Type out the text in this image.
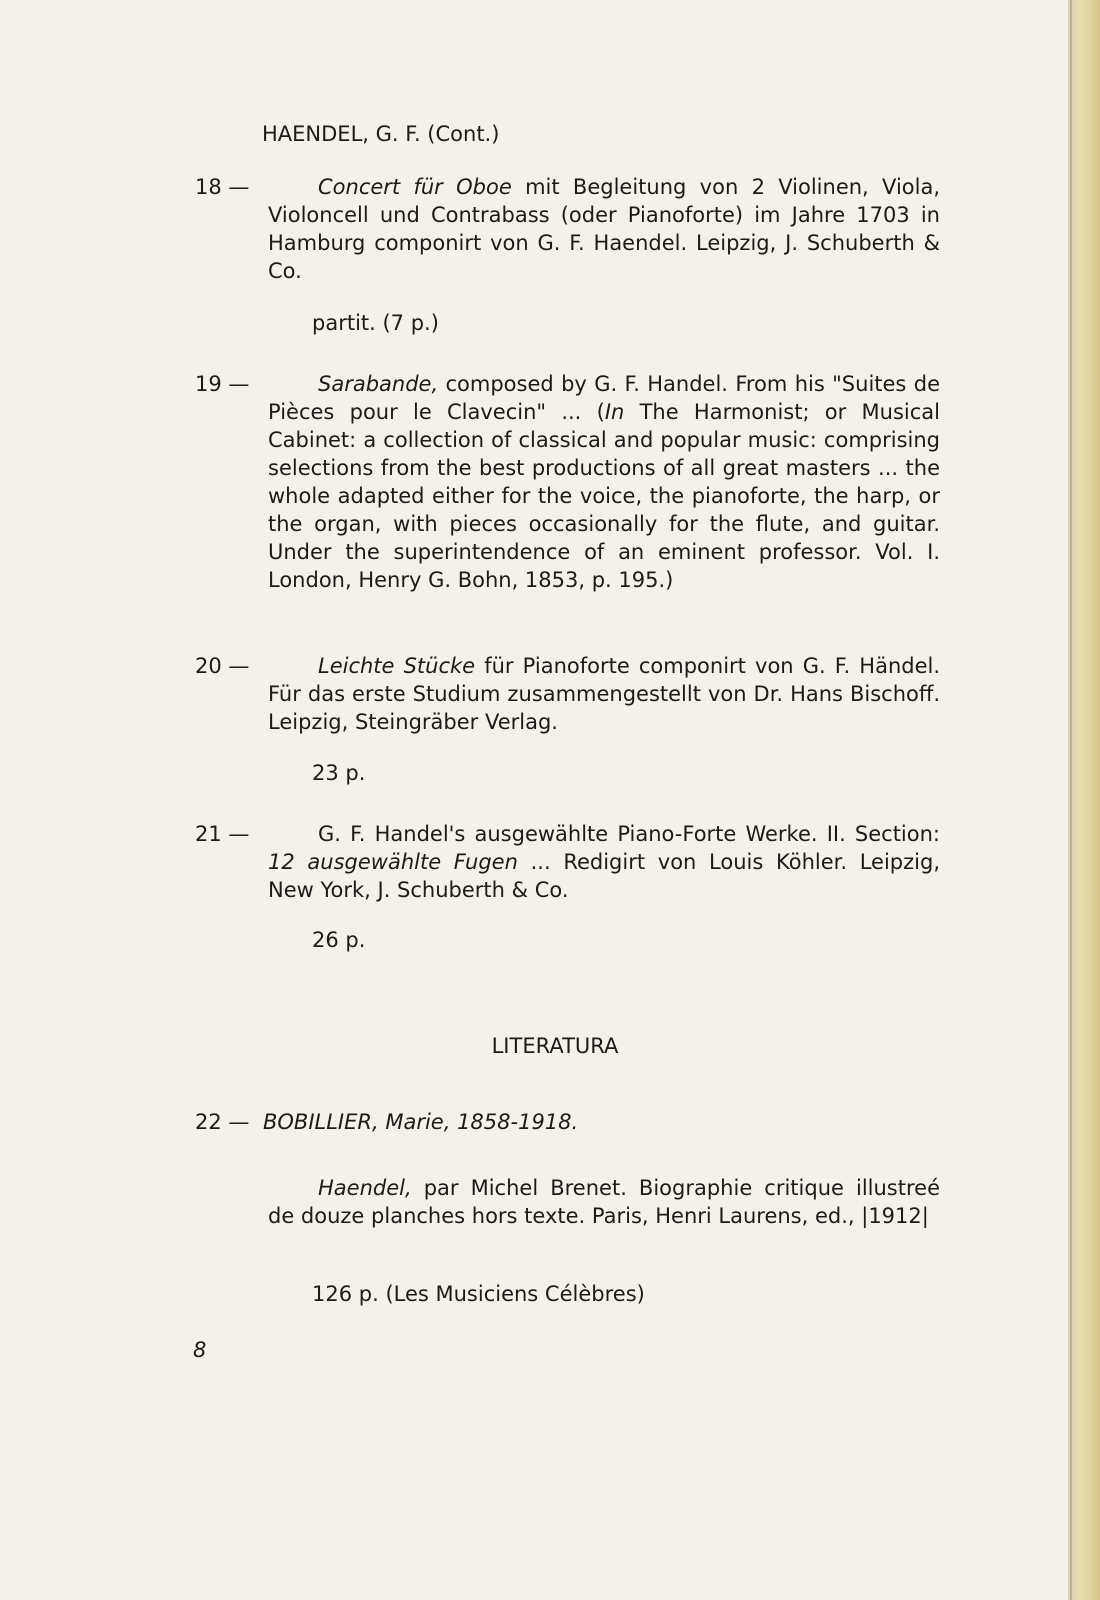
HAENDEL, G. F. (Cont.)
18 —	Concert für Oboe mit Begleitung von 2 Violinen, Viola, Violoncell und Contrabass (oder Pianoforte) im Jahre 1703 in Hamburg componirt von G. F. Haendel. Leipzig, J. Schuberth & Co.

partit. (7 p.)
19 —	Sarabande, composed by G. F. Handel. From his "Suites de Pièces pour le Clavecin" ... (In The Harmonist; or Musical Cabinet: a collection of classical and popular music: comprising selections from the best productions of all great masters ... the whole adapted either for the voice, the pianoforte, the harp, or the organ, with pieces occasionally for the flute, and guitar. Under the superintendence of an eminent professor. Vol. I. London, Henry G. Bohn, 1853, p. 195.)

20 —	Leichte Stücke für Pianoforte componirt von G. F. Händel. Für das erste Studium zusammengestellt von Dr. Hans Bischoff. Leipzig, Steingräber Verlag.

23 p.
21 —	G. F. Handel's ausgewählte Piano-Forte Werke. II. Section: 12 ausgewählte Fugen ... Redigirt von Louis Köhler. Leipzig, New York, J. Schuberth & Co.

26 p.
LITERATURA
22 — BOBILLIER, Marie, 1858-1918.

Haendel, par Michel Brenet. Biographie critique illustreé de douze planches hors texte. Paris, Henri Laurens, ed., |1912|

126 p. (Les Musiciens Célèbres)
8
